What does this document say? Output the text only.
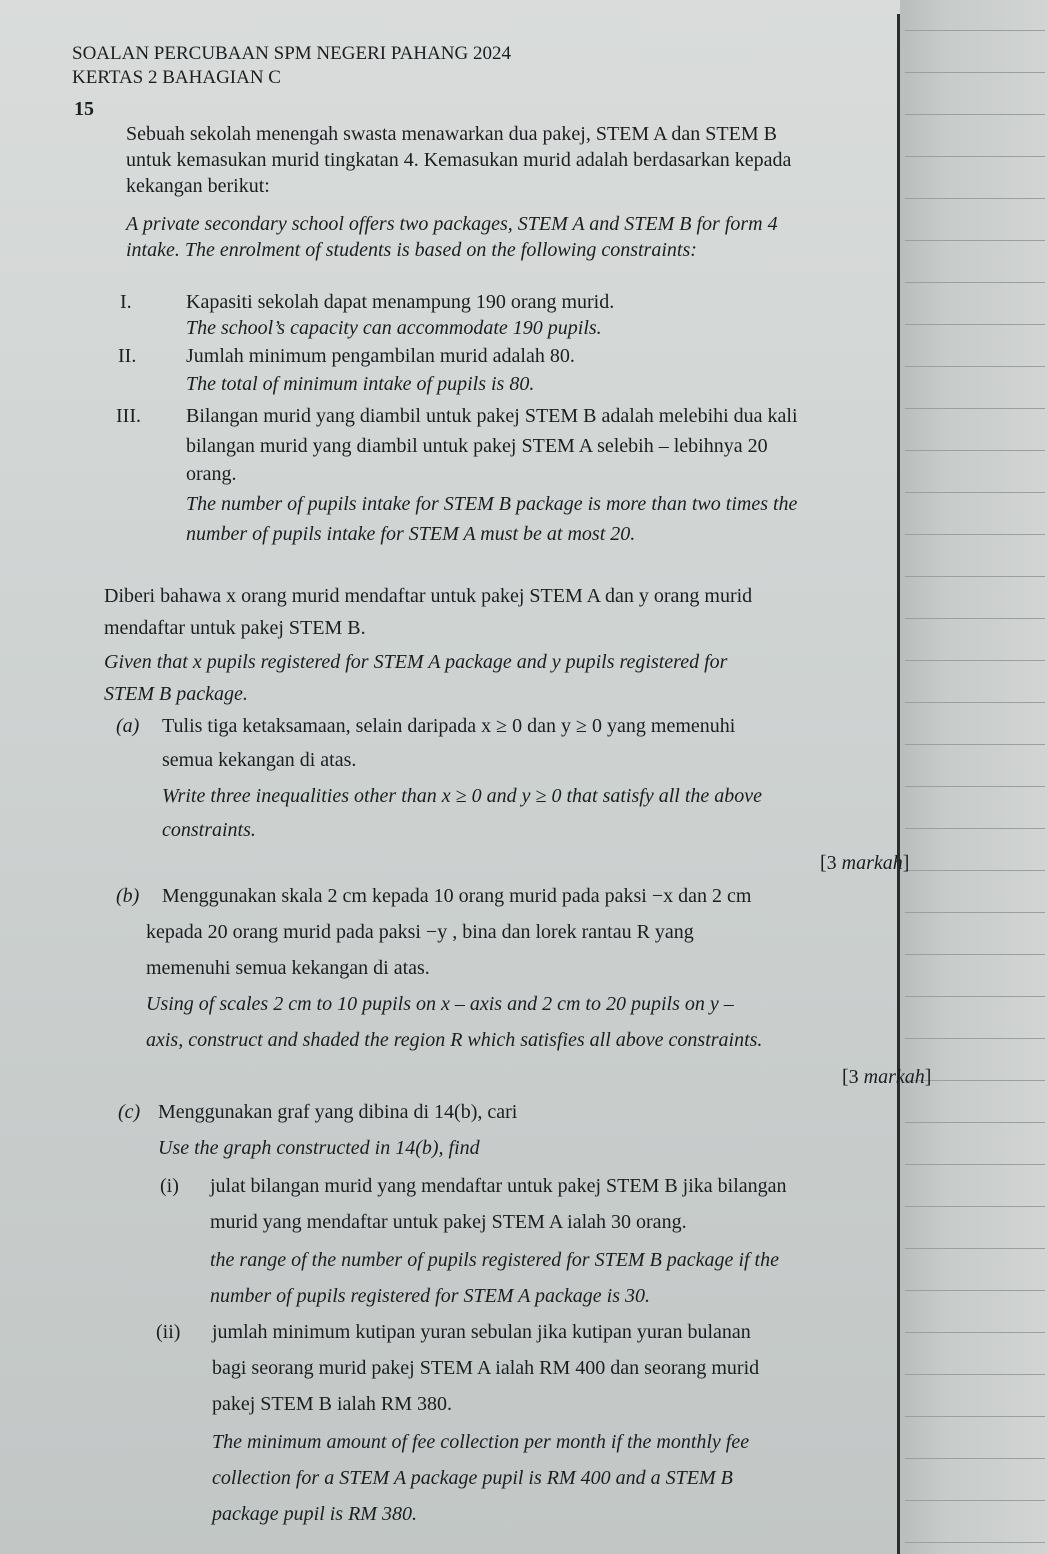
SOALAN PERCUBAAN SPM NEGERI PAHANG 2024
KERTAS 2 BAHAGIAN C
15
Sebuah sekolah menengah swasta menawarkan dua pakej, STEM A dan STEM B
untuk kemasukan murid tingkatan 4. Kemasukan murid adalah berdasarkan kepada
kekangan berikut:
A private secondary school offers two packages, STEM A and STEM B for form 4
intake. The enrolment of students is based on the following constraints:
I.	Kapasiti sekolah dapat menampung 190 orang murid.
The school’s capacity can accommodate 190 pupils.
II. Jumlah minimum pengambilan murid adalah 80.
The total of minimum intake of pupils is 80.
III. Bilangan murid yang diambil untuk pakej STEM B adalah melebihi dua kali
bilangan murid yang diambil untuk pakej STEM A selebih – lebihnya 20
orang.
The number of pupils intake for STEM B package is more than two times the
number of pupils intake for STEM A must be at most 20.
Diberi bahawa x orang murid mendaftar untuk pakej STEM A dan y orang murid
mendaftar untuk pakej STEM B.
Given that x pupils registered for STEM A package and y pupils registered for
STEM B package.
(a) Tulis tiga ketaksamaan, selain daripada x ≥ 0 dan y ≥ 0 yang memenuhi
semua kekangan di atas.
Write three inequalities other than x ≥ 0 and y ≥ 0 that satisfy all the above
constraints.
[3 markah]
(b) Menggunakan skala 2 cm kepada 10 orang murid pada paksi −x dan 2 cm
kepada 20 orang murid pada paksi −y , bina dan lorek rantau R yang
memenuhi semua kekangan di atas.
Using of scales 2 cm to 10 pupils on x – axis and 2 cm to 20 pupils on y –
axis, construct and shaded the region R which satisfies all above constraints.
[3 markah]
(c) Menggunakan graf yang dibina di 14(b), cari
Use the graph constructed in 14(b), find
(i) julat bilangan murid yang mendaftar untuk pakej STEM B jika bilangan
murid yang mendaftar untuk pakej STEM A ialah 30 orang.
the range of the number of pupils registered for STEM B package if the
number of pupils registered for STEM A package is 30.
(ii) jumlah minimum kutipan yuran sebulan jika kutipan yuran bulanan
bagi seorang murid pakej STEM A ialah RM 400 dan seorang murid
pakej STEM B ialah RM 380.
The minimum amount of fee collection per month if the monthly fee
collection for a STEM A package pupil is RM 400 and a STEM B
package pupil is RM 380.
